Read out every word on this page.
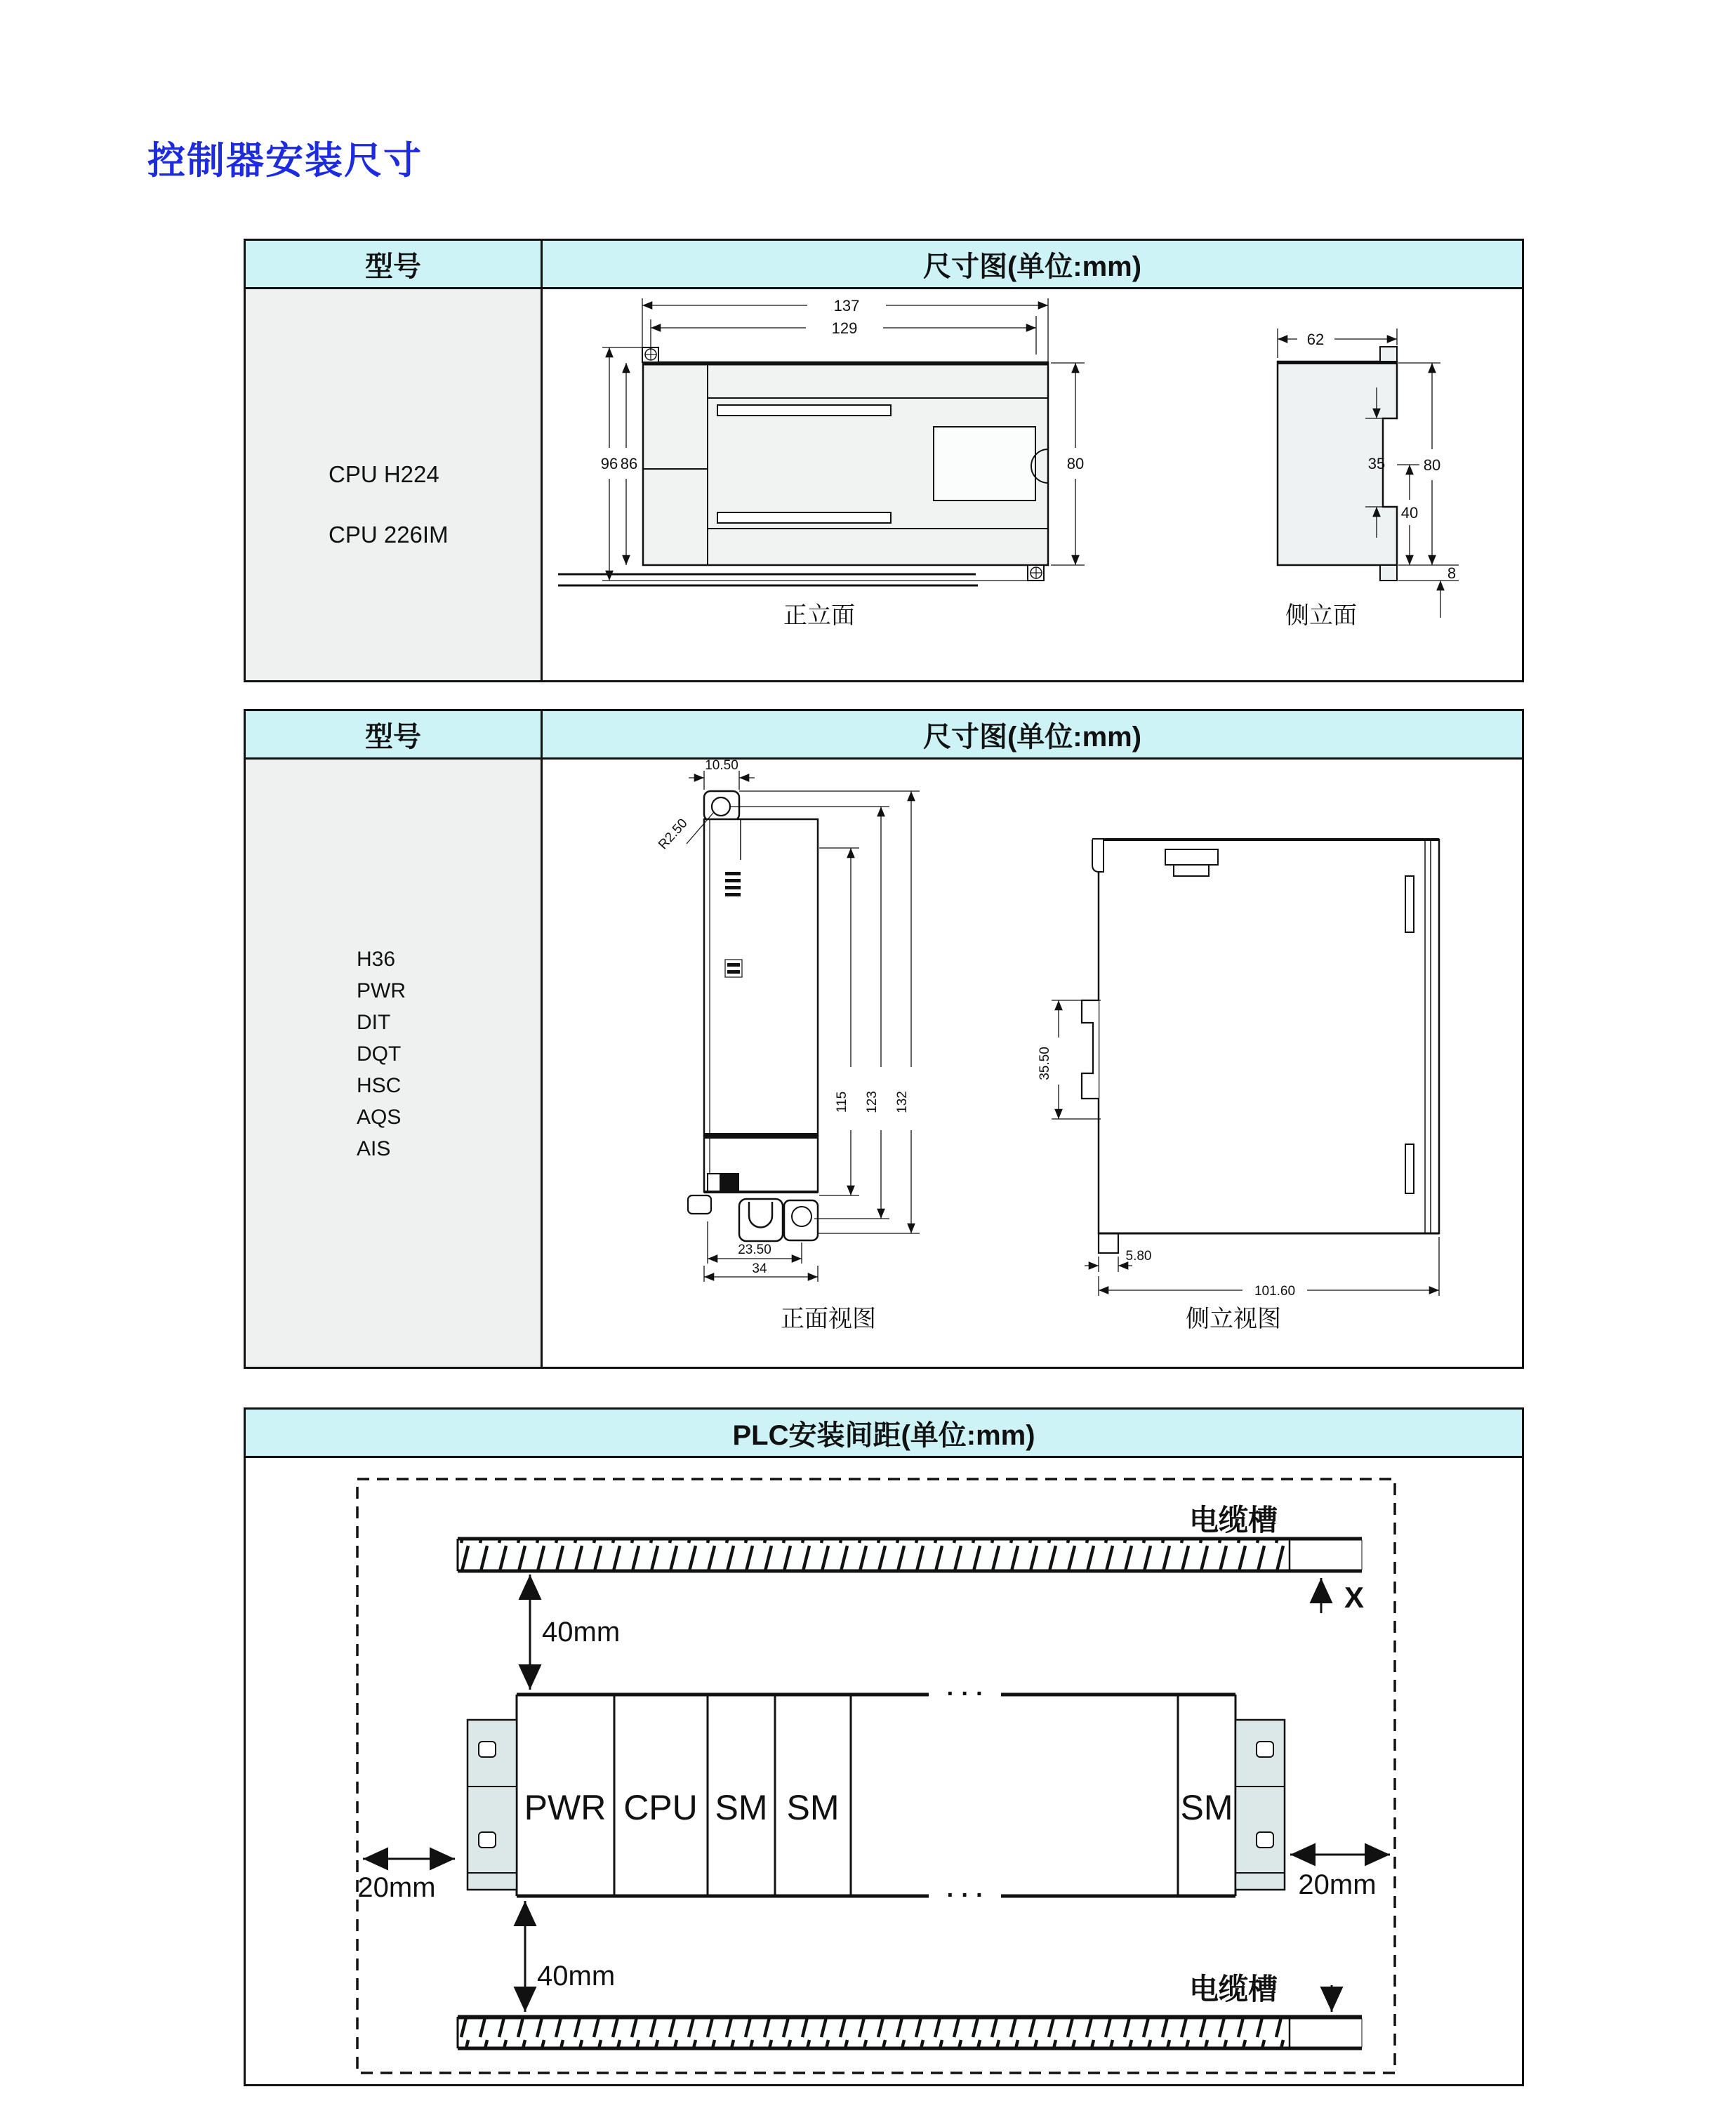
控制器安装尺寸
型号	尺寸图(单位:mm)
CPU H224
CPU 226IM
137
129
96 86	80
正立面
62
35 80
40
8
侧立面
型号	尺寸图(单位:mm)
H36
PWR
DIT
DQT
HSC
AQS
AIS
10.50
R2.50
115 123 132
23.50
34
10
正面视图
35.50
5.80
101.60
侧立视图
PLC安装间距(单位:mm)
电缆槽
X
40mm
PWR CPU SM SM	SM
· · ·
· · ·
20mm	20mm
40mm	电缆槽
